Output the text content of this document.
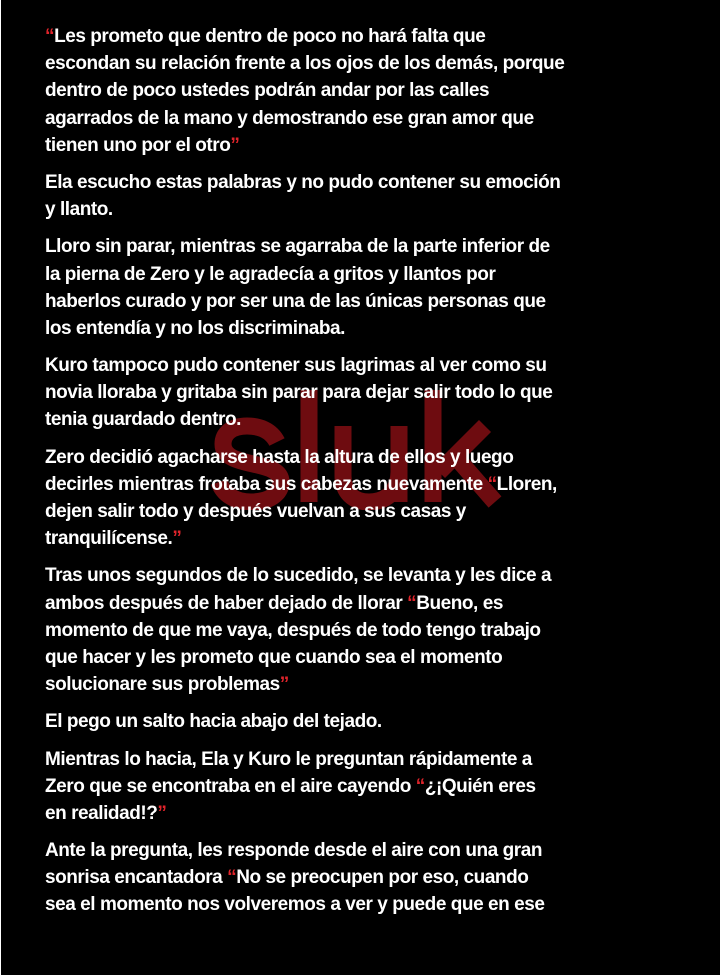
“Les prometo que dentro de poco no hará falta que
escondan su relación frente a los ojos de los demás, porque
dentro de poco ustedes podrán andar por las calles
agarrados de la mano y demostrando ese gran amor que
tienen uno por el otro”
Ela escucho estas palabras y no pudo contener su emoción
y llanto.
Lloro sin parar, mientras se agarraba de la parte inferior de
la pierna de Zero y le agradecía a gritos y llantos por
haberlos curado y por ser una de las únicas personas que
los entendía y no los discriminaba.
Kuro tampoco pudo contener sus lagrimas al ver como su
novia lloraba y gritaba sin parar para dejar salir todo lo que
tenia guardado dentro.
Zero decidió agacharse hasta la altura de ellos y luego
decirles mientras frotaba sus cabezas nuevamente “Lloren,
dejen salir todo y después vuelvan a sus casas y
tranquilícense.”
Tras unos segundos de lo sucedido, se levanta y les dice a
ambos después de haber dejado de llorar “Bueno, es
momento de que me vaya, después de todo tengo trabajo
que hacer y les prometo que cuando sea el momento
solucionare sus problemas”
El pego un salto hacia abajo del tejado.
Mientras lo hacia, Ela y Kuro le preguntan rápidamente a
Zero que se encontraba en el aire cayendo “¿¡Quién eres
en realidad!?”
Ante la pregunta, les responde desde el aire con una gran
sonrisa encantadora “No se preocupen por eso, cuando
sea el momento nos volveremos a ver y puede que en ese
